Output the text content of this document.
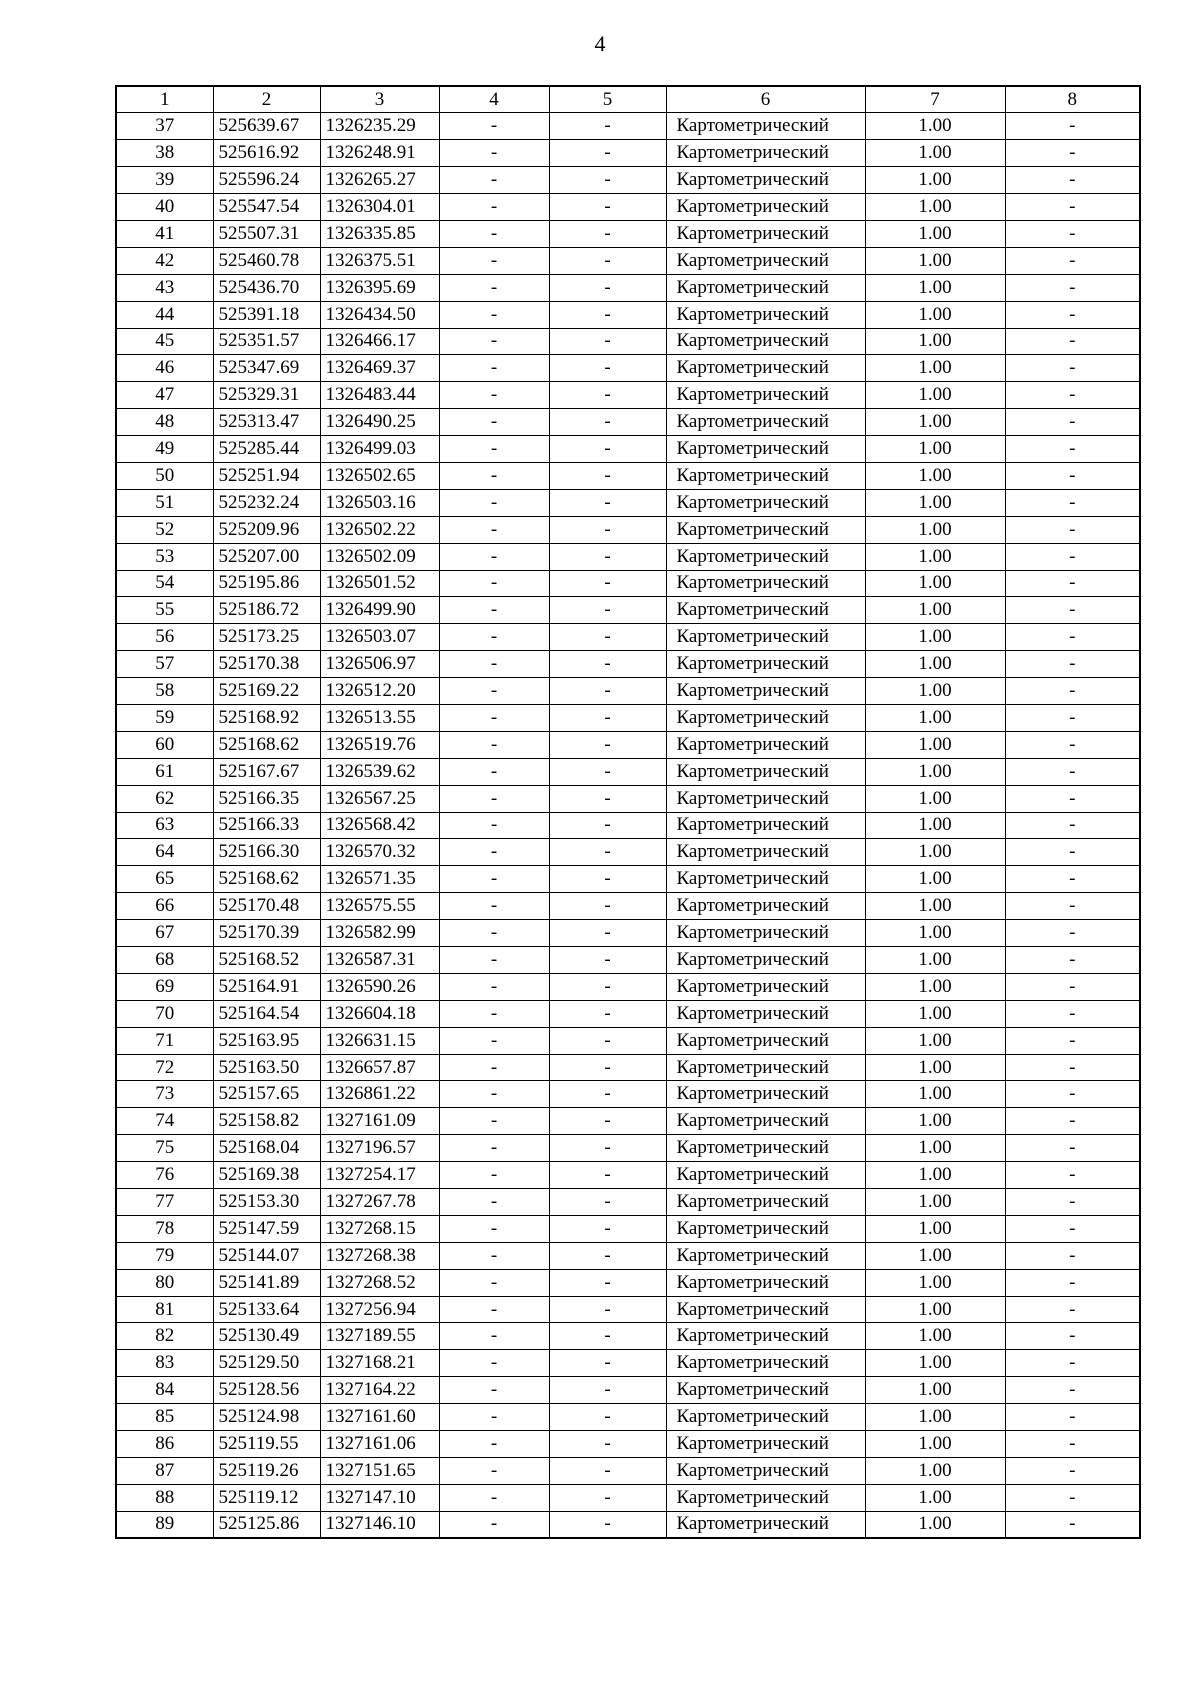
4
1	2	3	4	5	6	7	8
37	525639.67	1326235.29	-	-	Картометрический	1.00	-
38	525616.92	1326248.91	-	-	Картометрический	1.00	-
39	525596.24	1326265.27	-	-	Картометрический	1.00	-
40	525547.54	1326304.01	-	-	Картометрический	1.00	-
41	525507.31	1326335.85	-	-	Картометрический	1.00	-
42	525460.78	1326375.51	-	-	Картометрический	1.00	-
43	525436.70	1326395.69	-	-	Картометрический	1.00	-
44	525391.18	1326434.50	-	-	Картометрический	1.00	-
45	525351.57	1326466.17	-	-	Картометрический	1.00	-
46	525347.69	1326469.37	-	-	Картометрический	1.00	-
47	525329.31	1326483.44	-	-	Картометрический	1.00	-
48	525313.47	1326490.25	-	-	Картометрический	1.00	-
49	525285.44	1326499.03	-	-	Картометрический	1.00	-
50	525251.94	1326502.65	-	-	Картометрический	1.00	-
51	525232.24	1326503.16	-	-	Картометрический	1.00	-
52	525209.96	1326502.22	-	-	Картометрический	1.00	-
53	525207.00	1326502.09	-	-	Картометрический	1.00	-
54	525195.86	1326501.52	-	-	Картометрический	1.00	-
55	525186.72	1326499.90	-	-	Картометрический	1.00	-
56	525173.25	1326503.07	-	-	Картометрический	1.00	-
57	525170.38	1326506.97	-	-	Картометрический	1.00	-
58	525169.22	1326512.20	-	-	Картометрический	1.00	-
59	525168.92	1326513.55	-	-	Картометрический	1.00	-
60	525168.62	1326519.76	-	-	Картометрический	1.00	-
61	525167.67	1326539.62	-	-	Картометрический	1.00	-
62	525166.35	1326567.25	-	-	Картометрический	1.00	-
63	525166.33	1326568.42	-	-	Картометрический	1.00	-
64	525166.30	1326570.32	-	-	Картометрический	1.00	-
65	525168.62	1326571.35	-	-	Картометрический	1.00	-
66	525170.48	1326575.55	-	-	Картометрический	1.00	-
67	525170.39	1326582.99	-	-	Картометрический	1.00	-
68	525168.52	1326587.31	-	-	Картометрический	1.00	-
69	525164.91	1326590.26	-	-	Картометрический	1.00	-
70	525164.54	1326604.18	-	-	Картометрический	1.00	-
71	525163.95	1326631.15	-	-	Картометрический	1.00	-
72	525163.50	1326657.87	-	-	Картометрический	1.00	-
73	525157.65	1326861.22	-	-	Картометрический	1.00	-
74	525158.82	1327161.09	-	-	Картометрический	1.00	-
75	525168.04	1327196.57	-	-	Картометрический	1.00	-
76	525169.38	1327254.17	-	-	Картометрический	1.00	-
77	525153.30	1327267.78	-	-	Картометрический	1.00	-
78	525147.59	1327268.15	-	-	Картометрический	1.00	-
79	525144.07	1327268.38	-	-	Картометрический	1.00	-
80	525141.89	1327268.52	-	-	Картометрический	1.00	-
81	525133.64	1327256.94	-	-	Картометрический	1.00	-
82	525130.49	1327189.55	-	-	Картометрический	1.00	-
83	525129.50	1327168.21	-	-	Картометрический	1.00	-
84	525128.56	1327164.22	-	-	Картометрический	1.00	-
85	525124.98	1327161.60	-	-	Картометрический	1.00	-
86	525119.55	1327161.06	-	-	Картометрический	1.00	-
87	525119.26	1327151.65	-	-	Картометрический	1.00	-
88	525119.12	1327147.10	-	-	Картометрический	1.00	-
89	525125.86	1327146.10	-	-	Картометрический	1.00	-
